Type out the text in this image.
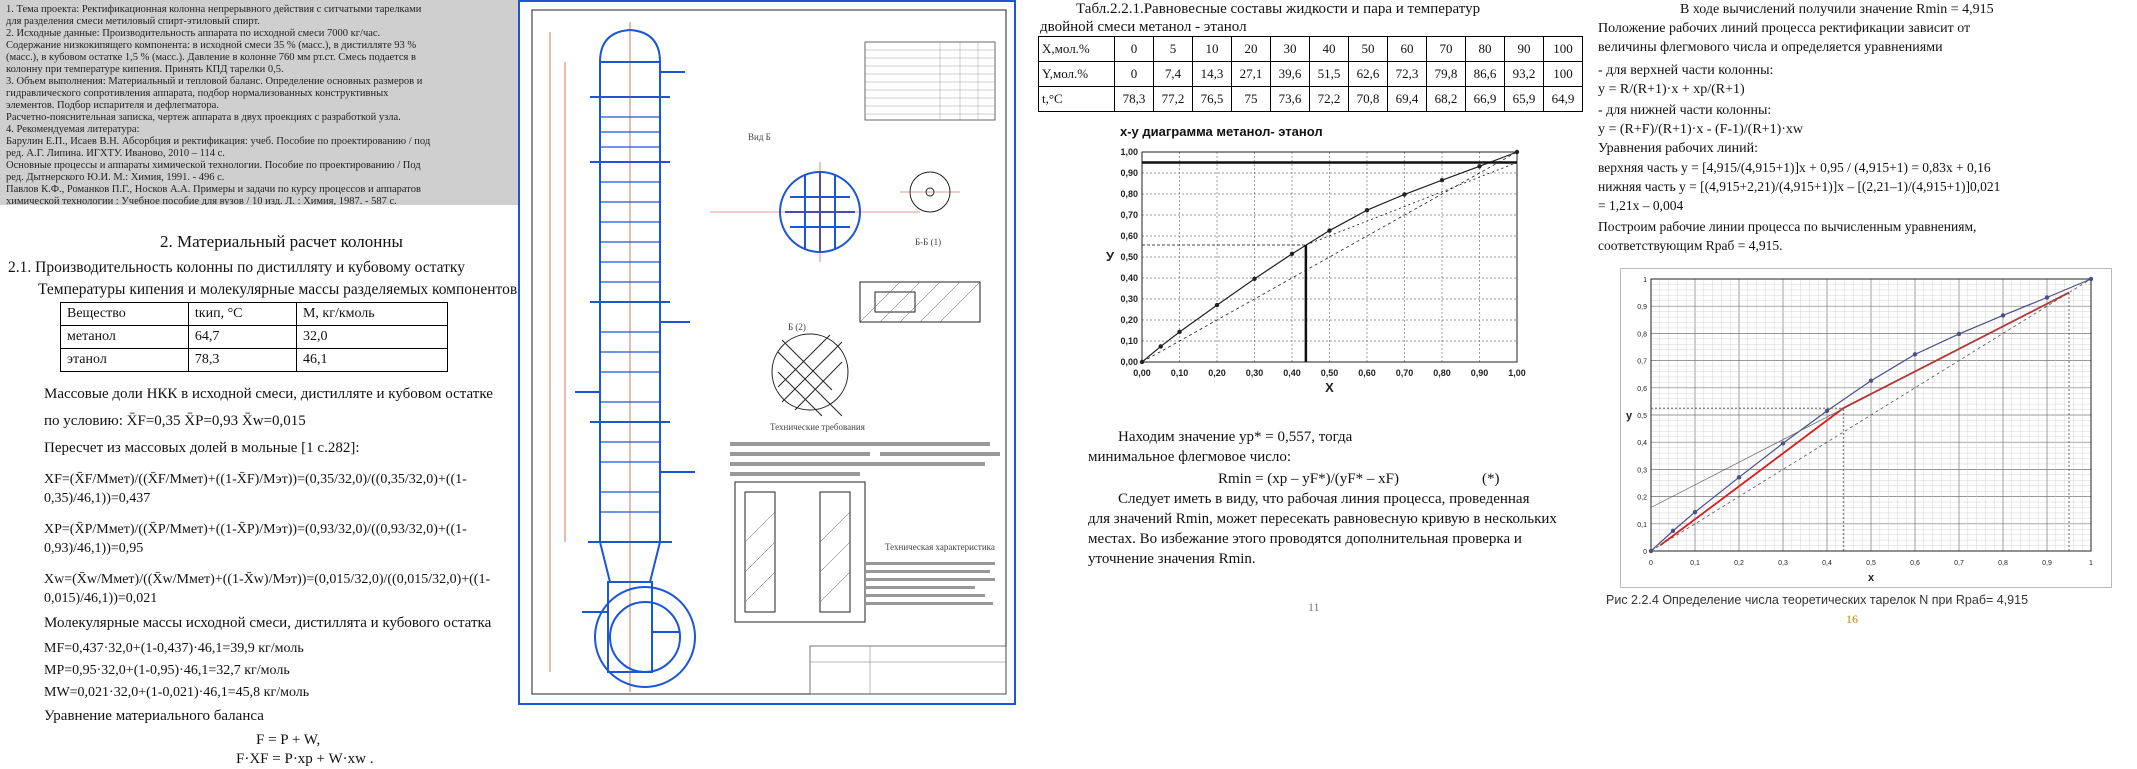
1. Тема проекта: Ректификационная колонна непрерывного действия с ситчатыми тарелками
для разделения смеси метиловый спирт-этиловый спирт.
2. Исходные данные: Производительность аппарата по исходной смеси 7000 кг/час.
Содержание низкокипящего компонента: в исходной смеси 35 % (масс.), в дистилляте 93 %
(масс.), в кубовом остатке 1,5 % (масс.). Давление в колонне 760 мм рт.ст. Смесь подается в
колонну при температуре кипения. Принять КПД тарелки 0,5.
3. Объем выполнения: Материальный и тепловой баланс. Определение основных размеров и
гидравлического сопротивления аппарата, подбор нормализованных конструктивных
элементов. Подбор испарителя и дефлегматора.
Расчетно-пояснительная записка, чертеж аппарата в двух проекциях с разработкой узла.
4. Рекомендуемая литература:
Барулин Е.П., Исаев В.Н. Абсорбция и ректификация: учеб. Пособие по проектированию / под
ред. А.Г. Липина. ИГХТУ. Иваново, 2010 – 114 с.
Основные процессы и аппараты химической технологии. Пособие по проектированию / Под
ред. Дытнерского Ю.И. М.: Химия, 1991. - 496 с.
Павлов К.Ф., Романков П.Г., Носков А.А. Примеры и задачи по курсу процессов и аппаратов
химической технологии : Учебное пособие для вузов / 10 изд. Л. : Химия, 1987. - 587 с.
2. Материальный расчет колонны
2.1. Производительность колонны по дистилляту и кубовому остатку
Температуры кипения и молекулярные массы разделяемых компонентов
Вещество	tкип, °С	М, кг/кмоль
метанол	64,7	32,0
этанол	78,3	46,1
Массовые доли НКК в исходной смеси, дистилляте и кубовом остатке
по условию: X̄F=0,35 X̄P=0,93 X̄w=0,015
Пересчет из массовых долей в мольные [1 с.282]:
XF=(X̄F/Mмет)/((X̄F/Mмет)+((1-X̄F)/Mэт))=(0,35/32,0)/((0,35/32,0)+((1-
0,35)/46,1))=0,437
XP=(X̄P/Mмет)/((X̄P/Mмет)+((1-X̄P)/Mэт))=(0,93/32,0)/((0,93/32,0)+((1-
0,93)/46,1))=0,95
Xw=(X̄w/Mмет)/((X̄w/Mмет)+((1-X̄w)/Mэт))=(0,015/32,0)/((0,015/32,0)+((1-
0,015)/46,1))=0,021
Молекулярные массы исходной смеси, дистиллята и кубового остатка
MF=0,437·32,0+(1-0,437)·46,1=39,9 кг/моль
MP=0,95·32,0+(1-0,95)·46,1=32,7 кг/моль
MW=0,021·32,0+(1-0,021)·46,1=45,8 кг/моль
Уравнение материального баланса
F = P + W,
F·XF = P·xp + W·xw .
Вид Б
Б-Б (1)
Б (2)
Технические требования
Техническая характеристика
Табл.2.2.1.Равновесные составы жидкости и пара и температур
двойной смеси метанол - этанол
X,мол.%	0	5	10	20	30	40	50	60	70	80	90	100
Y,мол.%	0	7,4	14,3	27,1	39,6	51,5	62,6	72,3	79,8	86,6	93,2	100
t,°C	78,3	77,2	76,5	75	73,6	72,2	70,8	69,4	68,2	66,9	65,9	64,9
x-y диаграмма метанол- этанол
0,00 0,10 0,20 0,30 0,40 0,50 0,60 0,70 0,80 0,90 1,00
0,00
0,10
0,20
0,30
0,40
0,50
0,60
0,70
0,80
0,90
1,00
Х
У
Находим значение ур* = 0,557, тогда
минимальное флегмовое число:
Rmin = (xp – yF*)/(yF* – xF)	(*)
Следует иметь в виду, что рабочая линия процесса, проведенная
для значений Rmin, может пересекать равновесную кривую в нескольких
местах. Во избежание этого проводятся дополнительная проверка и
уточнение значения Rmin.
11
В ходе вычислений получили значение Rmin = 4,915
Положение рабочих линий процесса ректификации зависит от
величины флегмового числа и определяется уравнениями
- для верхней части колонны:
y = R/(R+1)·x + xp/(R+1)
- для нижней части колонны:
y = (R+F)/(R+1)·x - (F-1)/(R+1)·xw
Уравнения рабочих линий:
верхняя часть y = [4,915/(4,915+1)]x + 0,95 / (4,915+1) = 0,83x + 0,16
нижняя часть y = [(4,915+2,21)/(4,915+1)]x – [(2,21–1)/(4,915+1)]0,021
= 1,21x – 0,004
Построим рабочие линии процесса по вычисленным уравнениям,
соответствующим Rраб = 4,915.
0	0,1	0,2	0,3	0,4	0,5	0,6	0,7	0,8	0,9	1
0
0,1
0,2
0,3
0,4
0,5
0,6
0,7
0,8
0,9
1
x
y
Рис 2.2.4 Определение числа теоретических тарелок N при Rраб= 4,915
16
